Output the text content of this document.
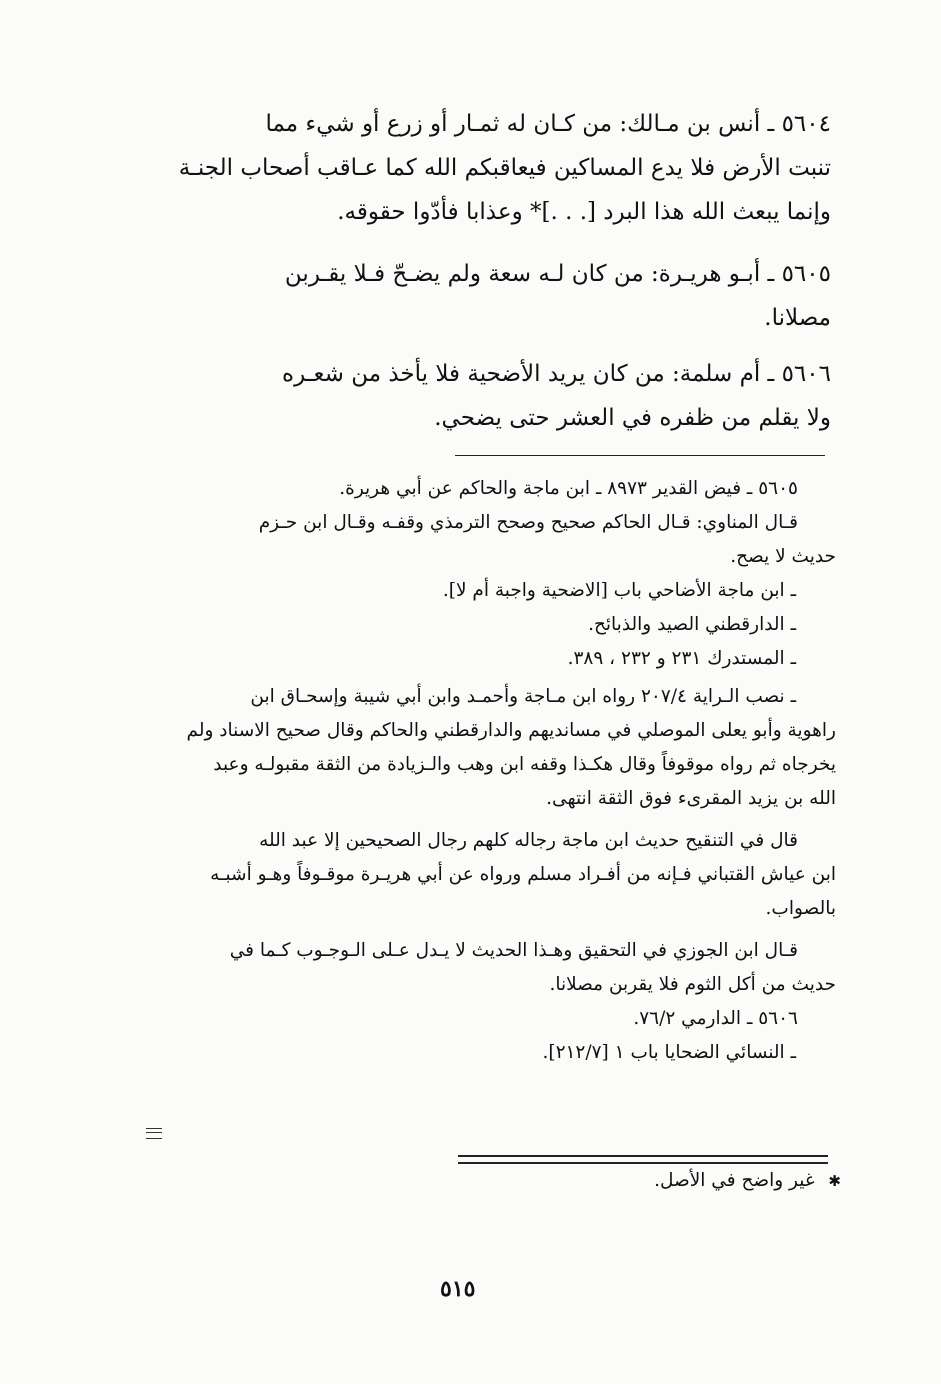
٥٦٠٤ ـ أنس بن مـالك: من كـان له ثمـار أو زرع أو شيء مما

تنبت الأرض فلا يدع المساكين فيعاقبكم الله كما عـاقب أصحاب الجنـة

وإنما يبعث الله هذا البرد [. . .]* وعذابا فأدّوا حقوقه.

٥٦٠٥ ـ أبـو هريـرة: من كان لـه سعة ولم يضـحّ فـلا يقـربن

مصلانا.

٥٦٠٦ ـ أم سلمة: من كان يريد الأضحية فلا يأخذ من شعـره

ولا يقلم من ظفره في العشر حتى يضحي.

٥٦٠٥ ـ فيض القدير ٨٩٧٣ ـ ابن ماجة والحاكم عن أبي هريرة.

قـال المناوي: قـال الحاكم صحيح وصحح الترمذي وقفـه وقـال ابن حـزم

حديث لا يصح.

ـ ابن ماجة الأضاحي باب [الاضحية واجبة أم لا].

ـ الدارقطني الصيد والذبائح.

ـ المستدرك ٢٣١ و ٢٣٢ ، ٣٨٩.

ـ نصب الـراية ٢٠٧/٤ رواه ابن مـاجة وأحمـد وابن أبي شيبة وإسحـاق ابن

راهوية وأبو يعلى الموصلي في مسانديهم والدارقطني والحاكم وقال صحيح الاسناد ولم

يخرجاه ثم رواه موقوفاً وقال هكـذا وقفه ابن وهب والـزيادة من الثقة مقبولـه وعبد

الله بن يزيد المقرىء فوق الثقة انتهى.

قال في التنقيح حديث ابن ماجة رجاله كلهم رجال الصحيحين إلا عبد الله

ابن عياش القتباني فـإنه من أفـراد مسلم ورواه عن أبي هريـرة موقـوفاً وهـو أشبـه

بالصواب.

قـال ابن الجوزي في التحقيق وهـذا الحديث لا يـدل عـلى الـوجـوب كـما في

حديث من أكل الثوم فلا يقربن مصلانا.

٥٦٠٦ ـ الدارمي ٧٦/٢.

ـ النسائي الضحايا باب ١ [٢١٢/٧].

✱ غير واضح في الأصل.
٥١٥
